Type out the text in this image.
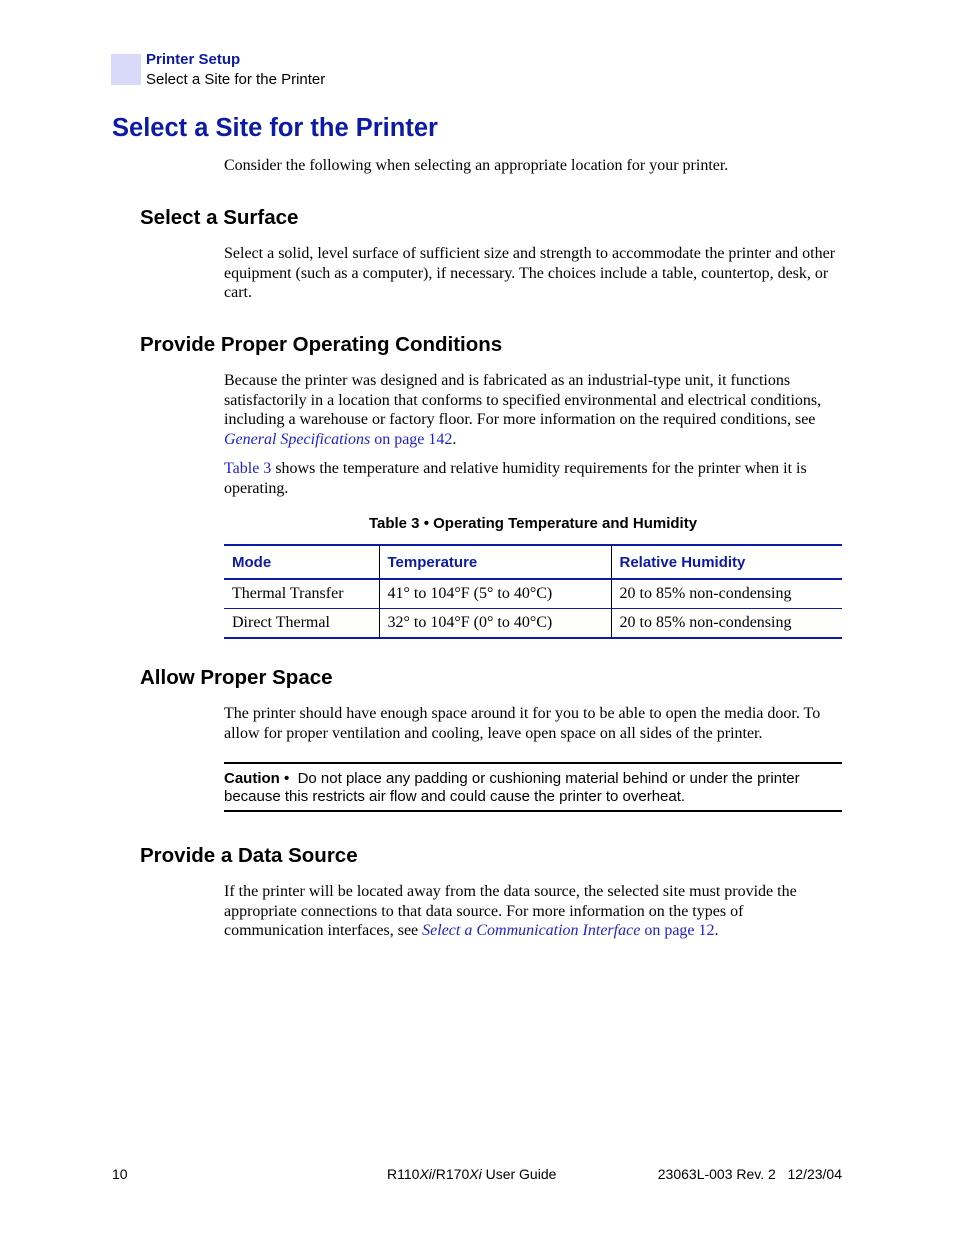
Printer Setup
Select a Site for the Printer
Select a Site for the Printer

Consider the following when selecting an appropriate location for your printer.

Select a Surface

Select a solid, level surface of sufficient size and strength to accommodate the printer and other equipment (such as a computer), if necessary. The choices include a table, countertop, desk, or cart.

Provide Proper Operating Conditions

Because the printer was designed and is fabricated as an industrial-type unit, it functions satisfactorily in a location that conforms to specified environmental and electrical conditions, including a warehouse or factory floor. For more information on the required conditions, see General Specifications on page 142.

Table 3 shows the temperature and relative humidity requirements for the printer when it is operating.

Table 3 • Operating Temperature and Humidity
Mode	Temperature	Relative Humidity
Thermal Transfer	41° to 104°F (5° to 40°C)	20 to 85% non-condensing
Direct Thermal	32° to 104°F (0° to 40°C)	20 to 85% non-condensing
Allow Proper Space

The printer should have enough space around it for you to be able to open the media door. To allow for proper ventilation and cooling, leave open space on all sides of the printer.

Caution • Do not place any padding or cushioning material behind or under the printer because this restricts air flow and could cause the printer to overheat.
Provide a Data Source

If the printer will be located away from the data source, the selected site must provide the appropriate connections to that data source. For more information on the types of communication interfaces, see Select a Communication Interface on page 12.

10	R110Xi/R170Xi User Guide	23063L-003 Rev. 2 12/23/04
